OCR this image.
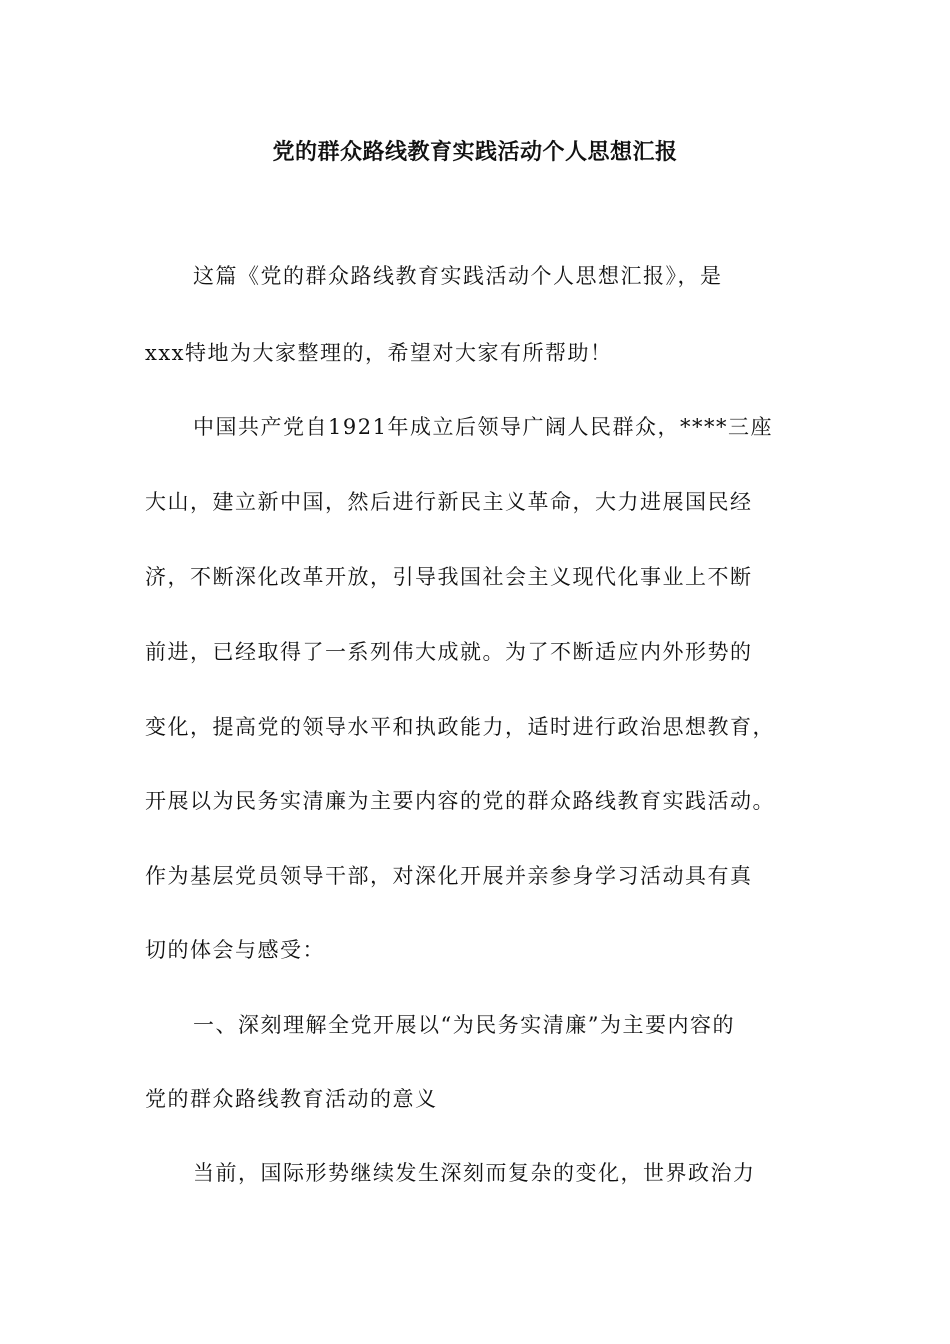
党的群众路线教育实践活动个人思想汇报
这篇《党的群众路线教育实践活动个人思想汇报》，是
xxx特地为大家整理的，希望对大家有所帮助！
中国共产党自1921年成立后领导广阔人民群众，****三座
大山，建立新中国，然后进行新民主义革命，大力进展国民经
济，不断深化改革开放，引导我国社会主义现代化事业上不断
前进，已经取得了一系列伟大成就。为了不断适应内外形势的
变化，提高党的领导水平和执政能力，适时进行政治思想教育，
开展以为民务实清廉为主要内容的党的群众路线教育实践活动。
作为基层党员领导干部，对深化开展并亲参身学习活动具有真
切的体会与感受：
一、深刻理解全党开展以“为民务实清廉”为主要内容的
党的群众路线教育活动的意义
当前，国际形势继续发生深刻而复杂的变化，世界政治力
